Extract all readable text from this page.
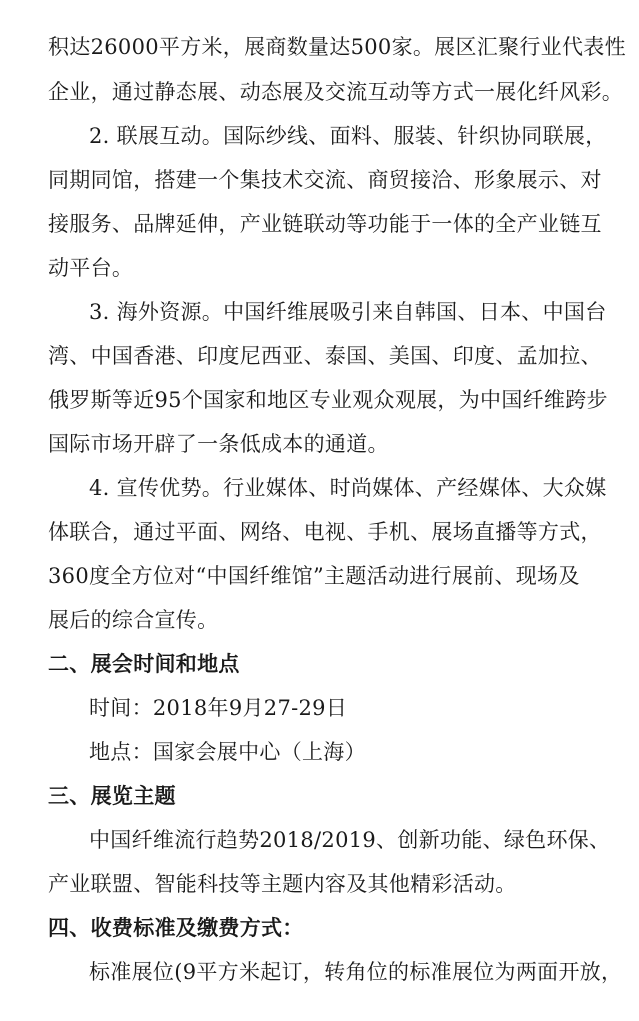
积达26000平方米，展商数量达500家。展区汇聚行业代表性
企业，通过静态展、动态展及交流互动等方式一展化纤风彩。
2. 联展互动。国际纱线、面料、服装、针织协同联展，
同期同馆，搭建一个集技术交流、商贸接洽、形象展示、对
接服务、品牌延伸，产业链联动等功能于一体的全产业链互
动平台。
3. 海外资源。中国纤维展吸引来自韩国、日本、中国台
湾、中国香港、印度尼西亚、泰国、美国、印度、孟加拉、
俄罗斯等近95个国家和地区专业观众观展，为中国纤维跨步
国际市场开辟了一条低成本的通道。
4. 宣传优势。行业媒体、时尚媒体、产经媒体、大众媒
体联合，通过平面、网络、电视、手机、展场直播等方式，
360度全方位对“中国纤维馆”主题活动进行展前、现场及
展后的综合宣传。
二、展会时间和地点
时间：2018年9月27-29日
地点：国家会展中心（上海）
三、展览主题
中国纤维流行趋势2018/2019、创新功能、绿色环保、
产业联盟、智能科技等主题内容及其他精彩活动。
四、收费标准及缴费方式：
标准展位(9平方米起订，转角位的标准展位为两面开放，
